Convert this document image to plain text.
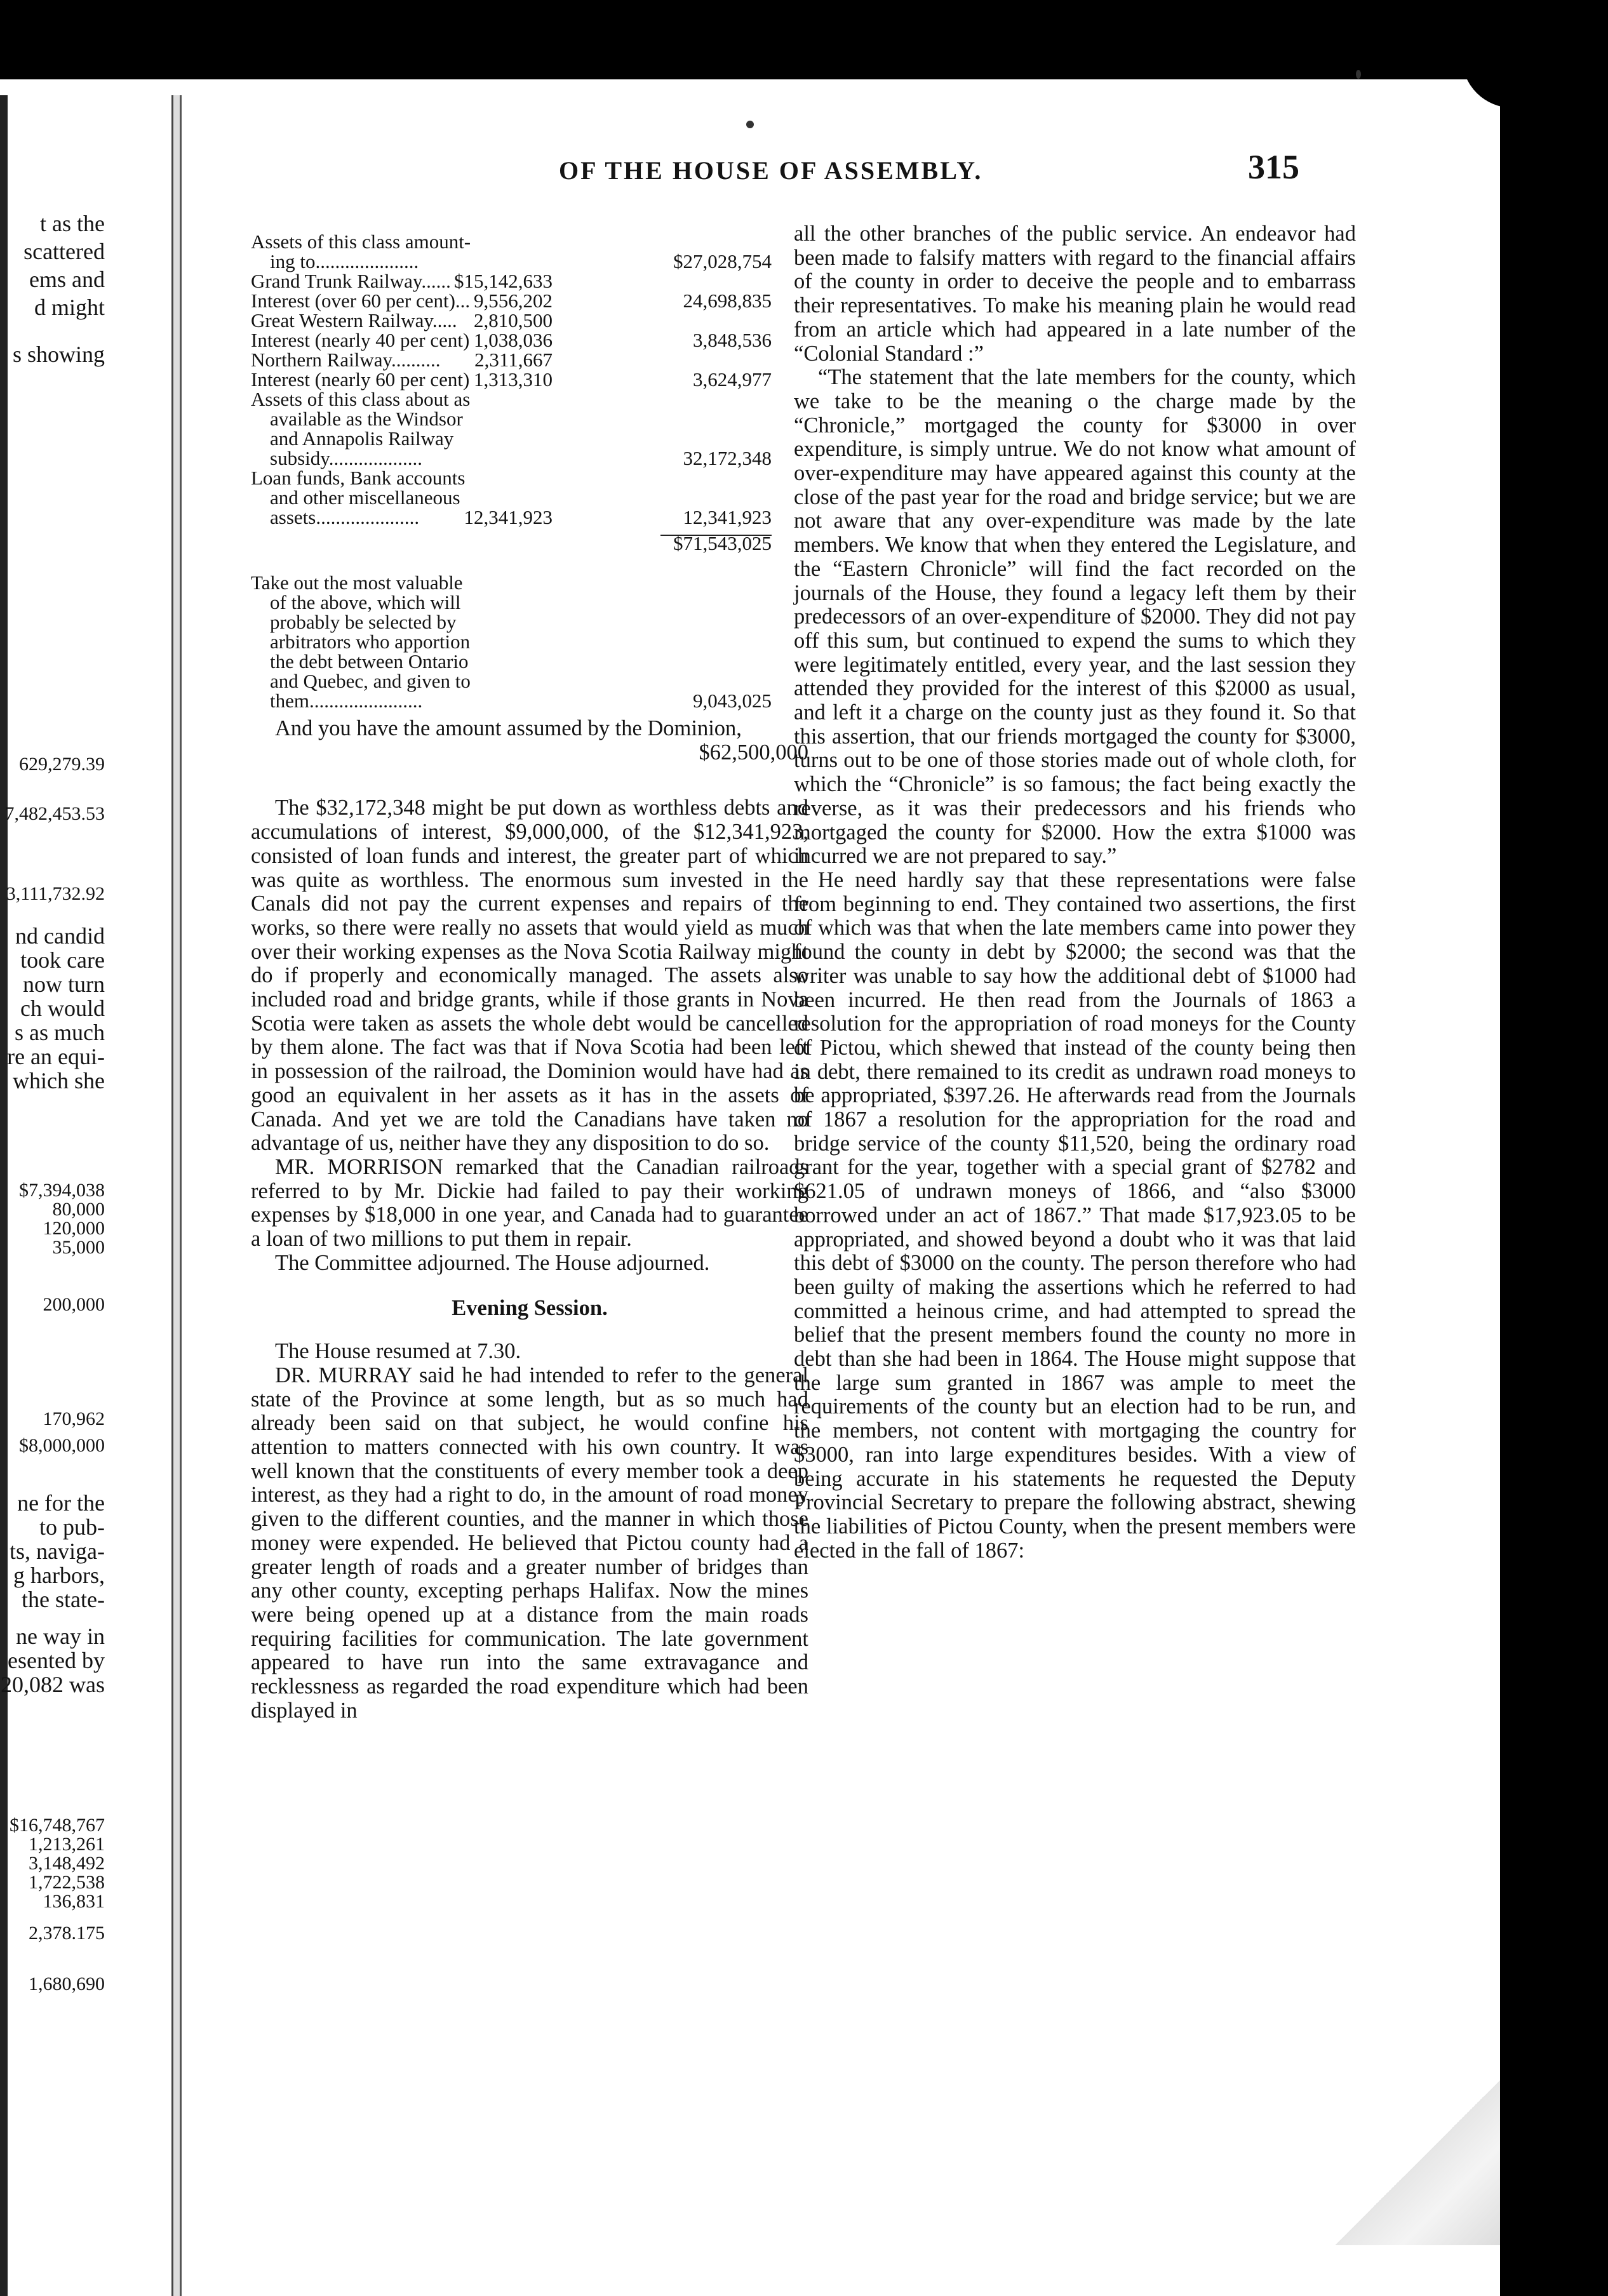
t as the

scattered

ems and

d might

s showing

629,279.39

7,482,453.53

3,111,732.92

nd candid

took care

now turn

ch would

s as much

re an equi-

which she

$7,394,038

80,000

120,000

35,000

200,000

170,962

$8,000,000

ne for the

to pub-

ts, naviga-

g harbors,

the state-

ne way in

esented by

20,082 was

$16,748,767

1,213,261

3,148,492

1,722,538

136,831

2,378.175

1,680,690

OF THE HOUSE OF ASSEMBLY.	315
Assets of this class amount-
ing to.....................	$27,028,754
Grand Trunk Railway...... $15,142,633
Interest (over 60 per cent)... 9,556,202	24,698,835
Great Western Railway..... 2,810,500
Interest (nearly 40 per cent) 1,038,036	3,848,536
Northern Railway.......... 2,311,667
Interest (nearly 60 per cent) 1,313,310	3,624,977
Assets of this class about as
available as the Windsor
and Annapolis Railway
subsidy...................	32,172,348
Loan funds, Bank accounts
and other miscellaneous
assets..................... 12,341,923	12,341,923
$71,543,025
Take out the most valuable
of the above, which will
probably be selected by
arbitrators who apportion
the debt between Ontario
and Quebec, and given to
them.......................	9,043,025

And you have the amount assumed by the Dominion,

$62,500,000

The $32,172,348 might be put down as worthless debts and accumulations of interest, $9,000,000, of the $12,341,923, consisted of loan funds and interest, the greater part of which was quite as worthless. The enormous sum invested in the Canals did not pay the current expenses and repairs of the works, so there were really no assets that would yield as much over their working expenses as the Nova Scotia Railway might do if properly and economically managed. The assets also included road and bridge grants, while if those grants in Nova Scotia were taken as assets the whole debt would be cancelled by them alone. The fact was that if Nova Scotia had been left in possession of the railroad, the Dominion would have had as good an equivalent in her assets as it has in the assets of Canada. And yet we are told the Canadians have taken no advantage of us, neither have they any disposition to do so.

MR. MORRISON remarked that the Canadian railroads referred to by Mr. Dickie had failed to pay their working expenses by $18,000 in one year, and Canada had to guarantee a loan of two millions to put them in repair.

The Committee adjourned. The House adjourned.

Evening Session.

The House resumed at 7.30.

DR. MURRAY said he had intended to refer to the general state of the Province at some length, but as so much had already been said on that subject, he would confine his attention to matters connected with his own country. It was well known that the constituents of every member took a deep interest, as they had a right to do, in the amount of road money given to the different counties, and the manner in which those money were expended. He believed that Pictou county had a greater length of roads and a greater number of bridges than any other county, excepting perhaps Halifax. Now the mines were being opened up at a distance from the main roads requiring facilities for communication. The late government appeared to have run into the same extravagance and recklessness as regarded the road expenditure which had been displayed in

all the other branches of the public service. An endeavor had been made to falsify matters with regard to the financial affairs of the county in order to deceive the people and to embarrass their representatives. To make his meaning plain he would read from an article which had appeared in a late number of the “Colonial Standard :”

“The statement that the late members for the county, which we take to be the meaning o the charge made by the “Chronicle,” mortgaged the county for $3000 in over expenditure, is simply untrue. We do not know what amount of over-expenditure may have appeared against this county at the close of the past year for the road and bridge service; but we are not aware that any over-expenditure was made by the late members. We know that when they entered the Legislature, and the “Eastern Chronicle” will find the fact recorded on the journals of the House, they found a legacy left them by their predecessors of an over-expenditure of $2000. They did not pay off this sum, but continued to expend the sums to which they were legitimately entitled, every year, and the last session they attended they provided for the interest of this $2000 as usual, and left it a charge on the county just as they found it. So that this assertion, that our friends mortgaged the county for $3000, turns out to be one of those stories made out of whole cloth, for which the “Chronicle” is so famous; the fact being exactly the reverse, as it was their predecessors and his friends who mortgaged the county for $2000. How the extra $1000 was incurred we are not prepared to say.”

He need hardly say that these representations were false from beginning to end. They contained two assertions, the first of which was that when the late members came into power they found the county in debt by $2000; the second was that the writer was unable to say how the additional debt of $1000 had been incurred. He then read from the Journals of 1863 a resolution for the appropriation of road moneys for the County of Pictou, which shewed that instead of the county being then in debt, there remained to its credit as undrawn road moneys to be appropriated, $397.26. He afterwards read from the Journals of 1867 a resolution for the appropriation for the road and bridge service of the county $11,520, being the ordinary road grant for the year, together with a special grant of $2782 and $621.05 of undrawn moneys of 1866, and “also $3000 borrowed under an act of 1867.” That made $17,923.05 to be appropriated, and showed beyond a doubt who it was that laid this debt of $3000 on the county. The person therefore who had been guilty of making the assertions which he referred to had committed a heinous crime, and had attempted to spread the belief that the present members found the county no more in debt than she had been in 1864. The House might suppose that the large sum granted in 1867 was ample to meet the requirements of the county but an election had to be run, and the members, not content with mortgaging the country for $3000, ran into large expenditures besides. With a view of being accurate in his statements he requested the Deputy Provincial Secretary to prepare the following abstract, shewing the liabilities of Pictou County, when the present members were elected in the fall of 1867:
